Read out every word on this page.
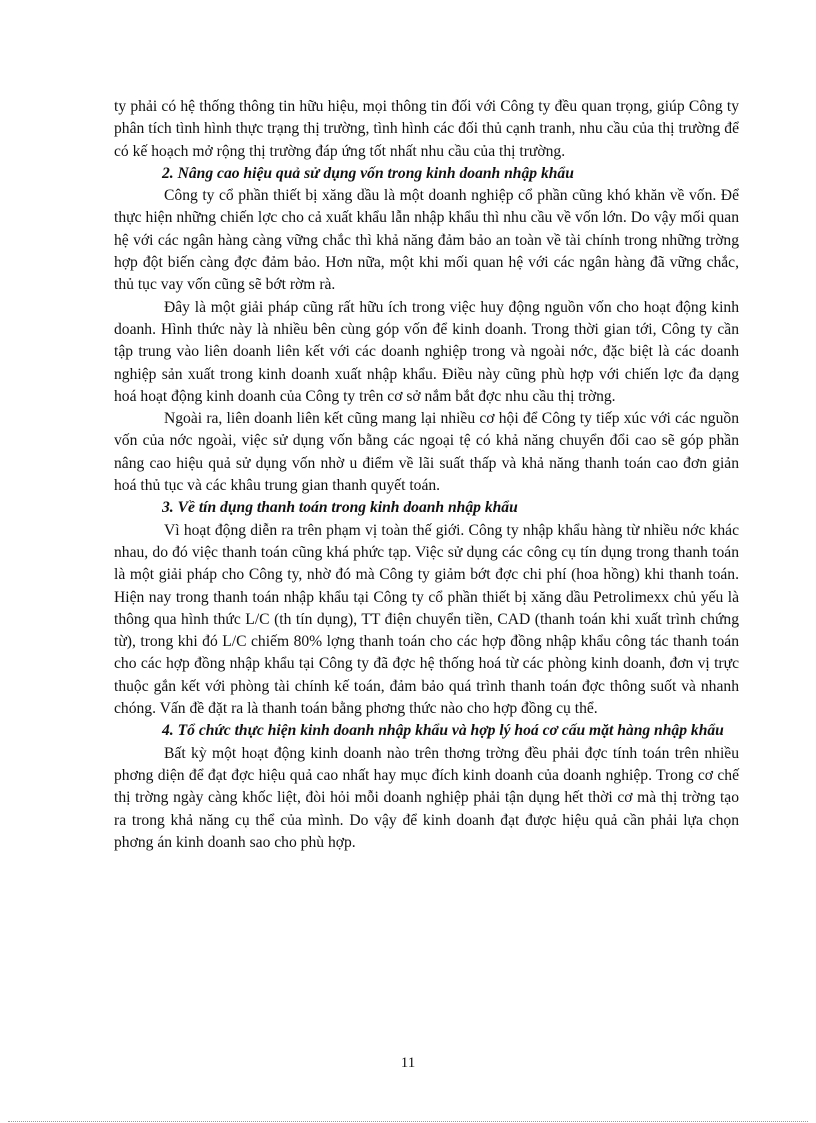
ty phải có hệ thống thông tin hữu hiệu, mọi thông tin đối với Công ty đều quan trọng, giúp Công ty phân tích tình hình thực trạng thị trường, tình hình các đối thủ cạnh tranh, nhu cầu của thị trường để có kế hoạch mở rộng thị trường đáp ứng tốt nhất nhu cầu của thị trường.

2. Nâng cao hiệu quả sử dụng vốn trong kinh doanh nhập khẩu

Công ty cổ phần thiết bị xăng dầu là một doanh nghiệp cổ phần cũng khó khăn về vốn. Để thực hiện những chiến lợc cho cả xuất khẩu lẫn nhập khẩu thì nhu cầu về vốn lớn. Do vậy mối quan hệ với các ngân hàng càng vững chắc thì khả năng đảm bảo an toàn về tài chính trong những trờng hợp đột biến càng đợc đảm bảo. Hơn nữa, một khi mối quan hệ với các ngân hàng đã vững chắc, thủ tục vay vốn cũng sẽ bớt rờm rà.

Đây là một giải pháp cũng rất hữu ích trong việc huy động nguồn vốn cho hoạt động kinh doanh. Hình thức này là nhiều bên cùng góp vốn để kinh doanh. Trong thời gian tới, Công ty cần tập trung vào liên doanh liên kết với các doanh nghiệp trong và ngoài nớc, đặc biệt là các doanh nghiệp sản xuất trong kinh doanh xuất nhập khẩu. Điều này cũng phù hợp với chiến lợc đa dạng hoá hoạt động kinh doanh của Công ty trên cơ sở nắm bắt đợc nhu cầu thị trờng.

Ngoài ra, liên doanh liên kết cũng mang lại nhiều cơ hội để Công ty tiếp xúc với các nguồn vốn của nớc ngoài, việc sử dụng vốn bằng các ngoại tệ có khả năng chuyển đổi cao sẽ góp phần nâng cao hiệu quả sử dụng vốn nhờ u điểm về lãi suất thấp và khả năng thanh toán cao đơn giản hoá thủ tục và các khâu trung gian thanh quyết toán.

3. Về tín dụng thanh toán trong kinh doanh nhập khẩu

Vì hoạt động diễn ra trên phạm vị toàn thế giới. Công ty nhập khẩu hàng từ nhiều nớc khác nhau, do đó việc thanh toán cũng khá phức tạp. Việc sử dụng các công cụ tín dụng trong thanh toán là một giải pháp cho Công ty, nhờ đó mà Công ty giảm bớt đợc chi phí (hoa hồng) khi thanh toán. Hiện nay trong thanh toán nhập khẩu tại Công ty cổ phần thiết bị xăng dầu Petrolimexx chủ yếu là thông qua hình thức L/C (th tín dụng), TT điện chuyển tiền, CAD (thanh toán khi xuất trình chứng từ), trong khi đó L/C chiếm 80% lợng thanh toán cho các hợp đồng nhập khẩu công tác thanh toán cho các hợp đồng nhập khẩu tại Công ty đã đợc hệ thống hoá từ các phòng kinh doanh, đơn vị trực thuộc gắn kết với phòng tài chính kế toán, đảm bảo quá trình thanh toán đợc thông suốt và nhanh chóng. Vấn đề đặt ra là thanh toán bằng phơng thức nào cho hợp đồng cụ thể.

4. Tổ chức thực hiện kinh doanh nhập khẩu và hợp lý hoá cơ cấu mặt hàng nhập khẩu

Bất kỳ một hoạt động kinh doanh nào trên thơng trờng đều phải đợc tính toán trên nhiều phơng diện để đạt đợc hiệu quả cao nhất hay mục đích kinh doanh của doanh nghiệp. Trong cơ chế thị trờng ngày càng khốc liệt, đòi hỏi mỗi doanh nghiệp phải tận dụng hết thời cơ mà thị trờng tạo ra trong khả năng cụ thể của mình. Do vậy để kinh doanh đạt được hiệu quả cần phải lựa chọn phơng án kinh doanh sao cho phù hợp.

11
